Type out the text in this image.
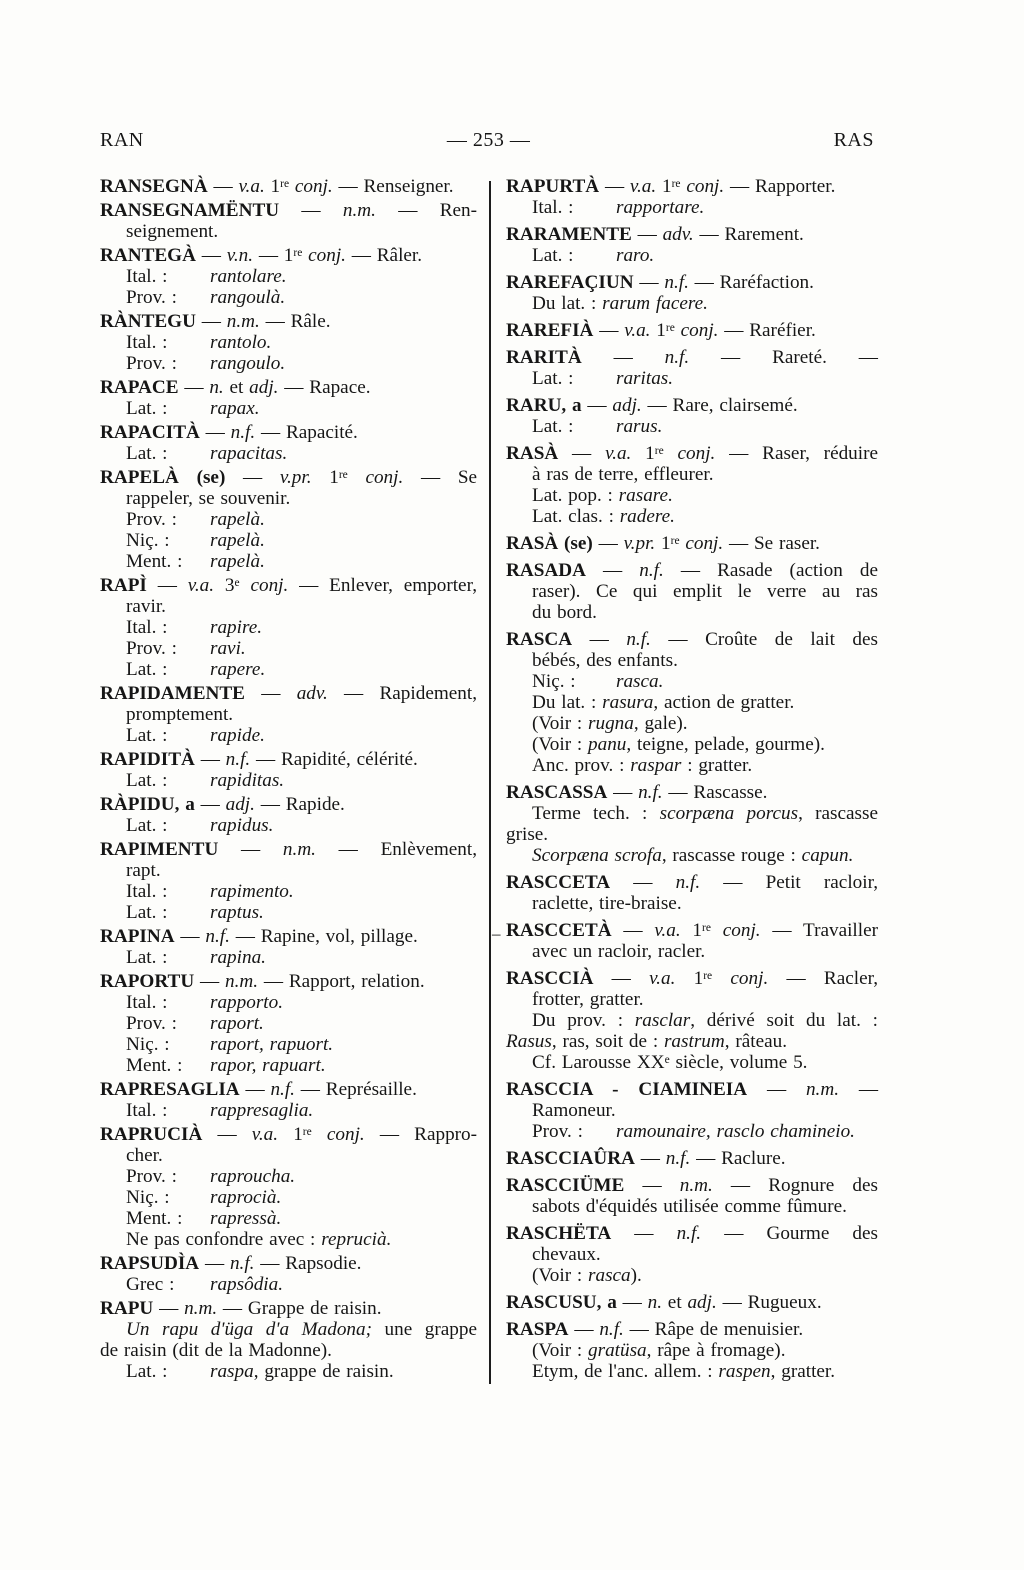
RAN	— 253 —	RAS
RANSEGNÀ — v.a. 1re conj. — Renseigner.
RANSEGNAMËNTU — n.m. — Ren-
seignement.
RANTEGÀ — v.n. — 1re conj. — Râler.
Ital. : rantolare.
Prov. : rangoulà.
RÀNTEGU — n.m. — Râle.
Ital. : rantolo.
Prov. : rangoulo.
RAPACE — n. et adj. — Rapace.
Lat. : rapax.
RAPACITÀ — n.f. — Rapacité.
Lat. : rapacitas.
RAPELÀ (se) — v.pr. 1re conj. — Se
rappeler, se souvenir.
Prov. : rapelà.
Niç. : rapelà.
Ment. : rapelà.
RAPÌ — v.a. 3e conj. — Enlever, emporter,
ravir.
Ital. : rapire.
Prov. : ravi.
Lat. : rapere.
RAPIDAMENTE — adv. — Rapidement,
promptement.
Lat. : rapide.
RAPIDITÀ — n.f. — Rapidité, célérité.
Lat. : rapiditas.
RÀPIDU, a — adj. — Rapide.
Lat. : rapidus.
RAPIMENTU — n.m. — Enlèvement,
rapt.
Ital. : rapimento.
Lat. : raptus.
RAPINA — n.f. — Rapine, vol, pillage.
Lat. : rapina.
RAPORTU — n.m. — Rapport, relation.
Ital. : rapporto.
Prov. : raport.
Niç. : raport, rapuort.
Ment. : rapor, rapuart.
RAPRESAGLIA — n.f. — Représaille.
Ital. : rappresaglia.
RAPRUCIÀ — v.a. 1re conj. — Rappro-
cher.
Prov. : raproucha.
Niç. : raprocià.
Ment. : rapressà.
Ne pas confondre avec : reprucià.
RAPSUDÌA — n.f. — Rapsodie.
Grec : rapsôdia.
RAPU — n.m. — Grappe de raisin.
Un rapu d'üga d'a Madona; une grappe
de raisin (dit de la Madonne).
Lat. : raspa, grappe de raisin.
RAPURTÀ — v.a. 1re conj. — Rapporter.
Ital. : rapportare.
RARAMENTE — adv. — Rarement.
Lat. : raro.
RAREFAÇIUN — n.f. — Raréfaction.
Du lat. : rarum facere.
RAREFIÀ — v.a. 1re conj. — Raréfier.
RARITÀ — n.f. — Rareté. —
Lat. : raritas.
RARU, a — adj. — Rare, clairsemé.
Lat. : rarus.
RASÀ — v.a. 1re conj. — Raser, réduire
à ras de terre, effleurer.
Lat. pop. : rasare.
Lat. clas. : radere.
RASÀ (se) — v.pr. 1re conj. — Se raser.
RASADA — n.f. — Rasade (action de
raser). Ce qui emplit le verre au ras
du bord.
RASCA — n.f. — Croûte de lait des
bébés, des enfants.
Niç. : rasca.
Du lat. : rasura, action de gratter.
(Voir : rugna, gale).
(Voir : panu, teigne, pelade, gourme).
Anc. prov. : raspar : gratter.
RASCASSA — n.f. — Rascasse.
Terme tech. : scorpæna porcus, rascasse
grise.
Scorpæna scrofa, rascasse rouge : capun.
RASCCETA — n.f. — Petit racloir,
raclette, tire-braise.
– RASCCETÀ — v.a. 1re conj. — Travailler
avec un racloir, racler.
RASCCIÀ — v.a. 1re conj. — Racler,
frotter, gratter.
Du prov. : rasclar, dérivé soit du lat. :
Rasus, ras, soit de : rastrum, râteau.
Cf. Larousse XXe siècle, volume 5.
RASCCIA - CIAMINEIA — n.m. —
Ramoneur.
Prov. : ramounaire, rasclo chamineio.
RASCCIAÛRA — n.f. — Raclure.
RASCCIÜME — n.m. — Rognure des
sabots d'équidés utilisée comme fûmure.
RASCHËTA — n.f. — Gourme des
chevaux.
(Voir : rasca).
RASCUSU, a — n. et adj. — Rugueux.
RASPA — n.f. — Râpe de menuisier.
(Voir : gratüsa, râpe à fromage).
Etym, de l'anc. allem. : raspen, gratter.
